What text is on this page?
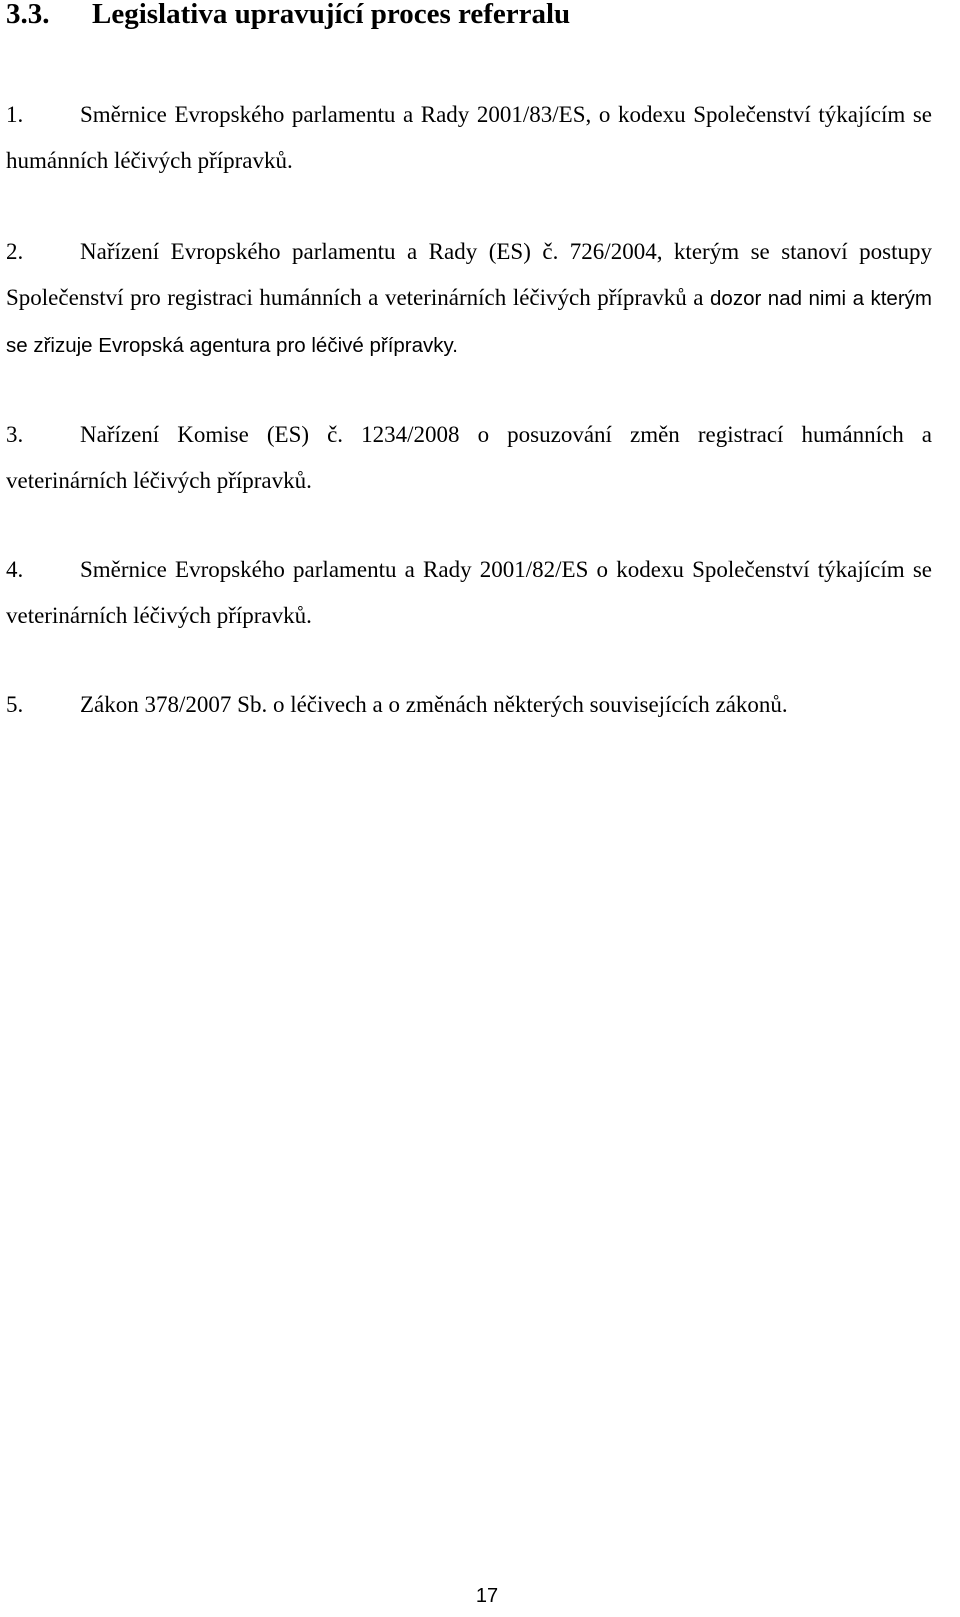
3.3. Legislativa upravující proces referralu

1. Směrnice Evropského parlamentu a Rady 2001/83/ES, o kodexu Společenství týkajícím se humánních léčivých přípravků.

2. Nařízení Evropského parlamentu a Rady (ES) č. 726/2004, kterým se stanoví postupy Společenství pro registraci humánních a veterinárních léčivých přípravků a dozor nad nimi a kterým se zřizuje Evropská agentura pro léčivé přípravky.

3. Nařízení Komise (ES) č. 1234/2008 o posuzování změn registrací humánních a veterinárních léčivých přípravků.

4. Směrnice Evropského parlamentu a Rady 2001/82/ES o kodexu Společenství týkajícím se veterinárních léčivých přípravků.

5. Zákon 378/2007 Sb. o léčivech a o změnách některých souvisejících zákonů.

17
